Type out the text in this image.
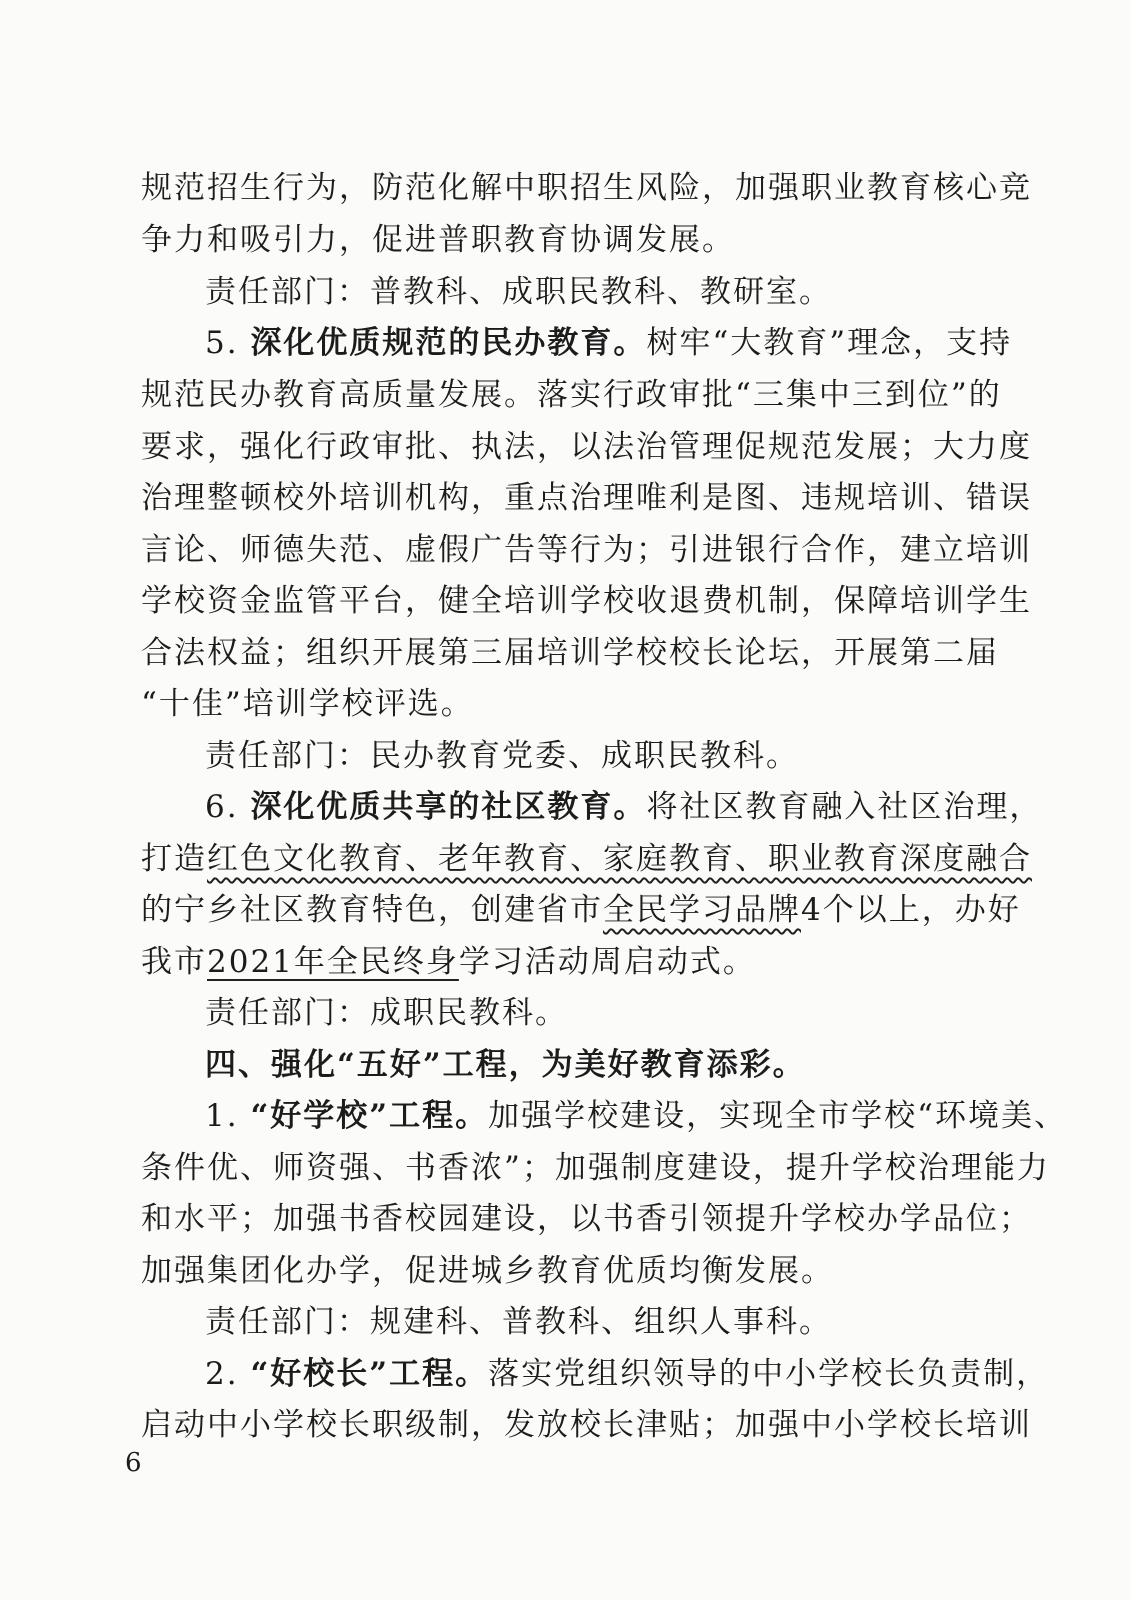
规范招生行为，防范化解中职招生风险，加强职业教育核心竞
争力和吸引力，促进普职教育协调发展。
责任部门：普教科、成职民教科、教研室。
5. 深化优质规范的民办教育。树牢“大教育”理念，支持
规范民办教育高质量发展。落实行政审批“三集中三到位”的
要求，强化行政审批、执法，以法治管理促规范发展；大力度
治理整顿校外培训机构，重点治理唯利是图、违规培训、错误
言论、师德失范、虚假广告等行为；引进银行合作，建立培训
学校资金监管平台，健全培训学校收退费机制，保障培训学生
合法权益；组织开展第三届培训学校校长论坛，开展第二届
“十佳”培训学校评选。
责任部门：民办教育党委、成职民教科。
6. 深化优质共享的社区教育。将社区教育融入社区治理，
打造红色文化教育、老年教育、家庭教育、职业教育深度融合
的宁乡社区教育特色，创建省市全民学习品牌4个以上，办好
我市2021年全民终身学习活动周启动式。
责任部门：成职民教科。
四、强化“五好”工程，为美好教育添彩。
1. “好学校”工程。加强学校建设，实现全市学校“环境美、
条件优、师资强、书香浓”；加强制度建设，提升学校治理能力
和水平；加强书香校园建设，以书香引领提升学校办学品位；
加强集团化办学，促进城乡教育优质均衡发展。
责任部门：规建科、普教科、组织人事科。
2. “好校长”工程。落实党组织领导的中小学校长负责制，
启动中小学校长职级制，发放校长津贴；加强中小学校长培训
6
